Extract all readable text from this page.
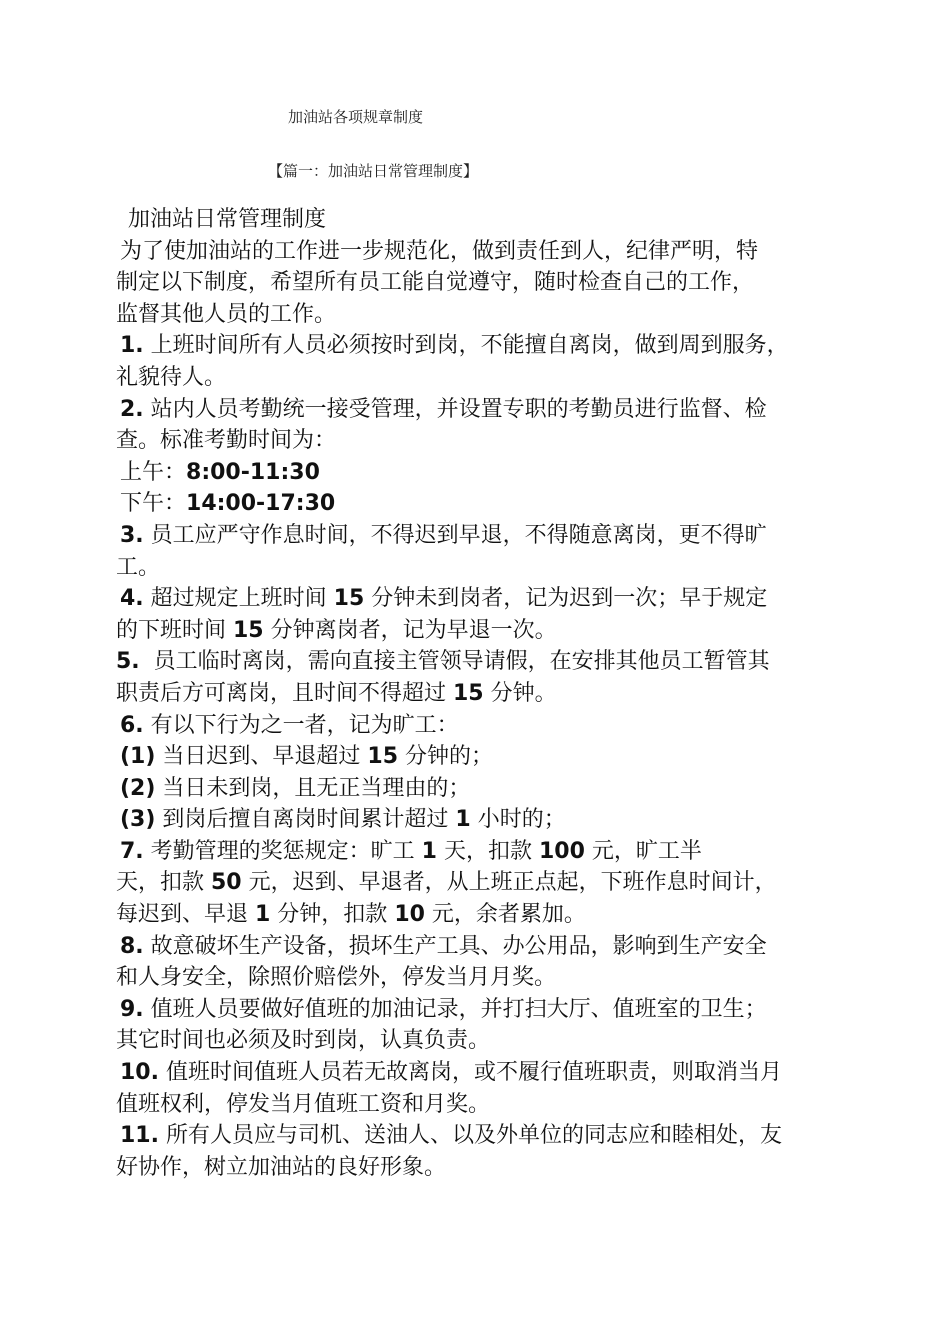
加油站各项规章制度
【篇一：加油站日常管理制度】
加油站日常管理制度
为了使加油站的工作进一步规范化，做到责任到人，纪律严明，特
制定以下制度，希望所有员工能自觉遵守，随时检查自己的工作，
监督其他人员的工作。
1. 上班时间所有人员必须按时到岗，不能擅自离岗，做到周到服务，
礼貌待人。
2. 站内人员考勤统一接受管理，并设置专职的考勤员进行监督、检
查。标准考勤时间为：
上午：8:00-11:30
下午：14:00-17:30
3. 员工应严守作息时间，不得迟到早退，不得随意离岗，更不得旷
工。
4. 超过规定上班时间 15 分钟未到岗者，记为迟到一次；早于规定
的下班时间 15 分钟离岗者，记为早退一次。
5.  员工临时离岗，需向直接主管领导请假，在安排其他员工暂管其
职责后方可离岗，且时间不得超过 15 分钟。
6. 有以下行为之一者，记为旷工：
(1) 当日迟到、早退超过 15 分钟的；
(2) 当日未到岗，且无正当理由的；
(3) 到岗后擅自离岗时间累计超过 1 小时的；
7. 考勤管理的奖惩规定：旷工 1 天，扣款 100 元，旷工半
天，扣款 50 元，迟到、早退者，从上班正点起，下班作息时间计，
每迟到、早退 1 分钟，扣款 10 元，余者累加。
8. 故意破坏生产设备，损坏生产工具、办公用品，影响到生产安全
和人身安全，除照价赔偿外，停发当月月奖。
9. 值班人员要做好值班的加油记录，并打扫大厅、值班室的卫生；
其它时间也必须及时到岗，认真负责。
10. 值班时间值班人员若无故离岗，或不履行值班职责，则取消当月
值班权利，停发当月值班工资和月奖。
11. 所有人员应与司机、送油人、以及外单位的同志应和睦相处，友
好协作，树立加油站的良好形象。
